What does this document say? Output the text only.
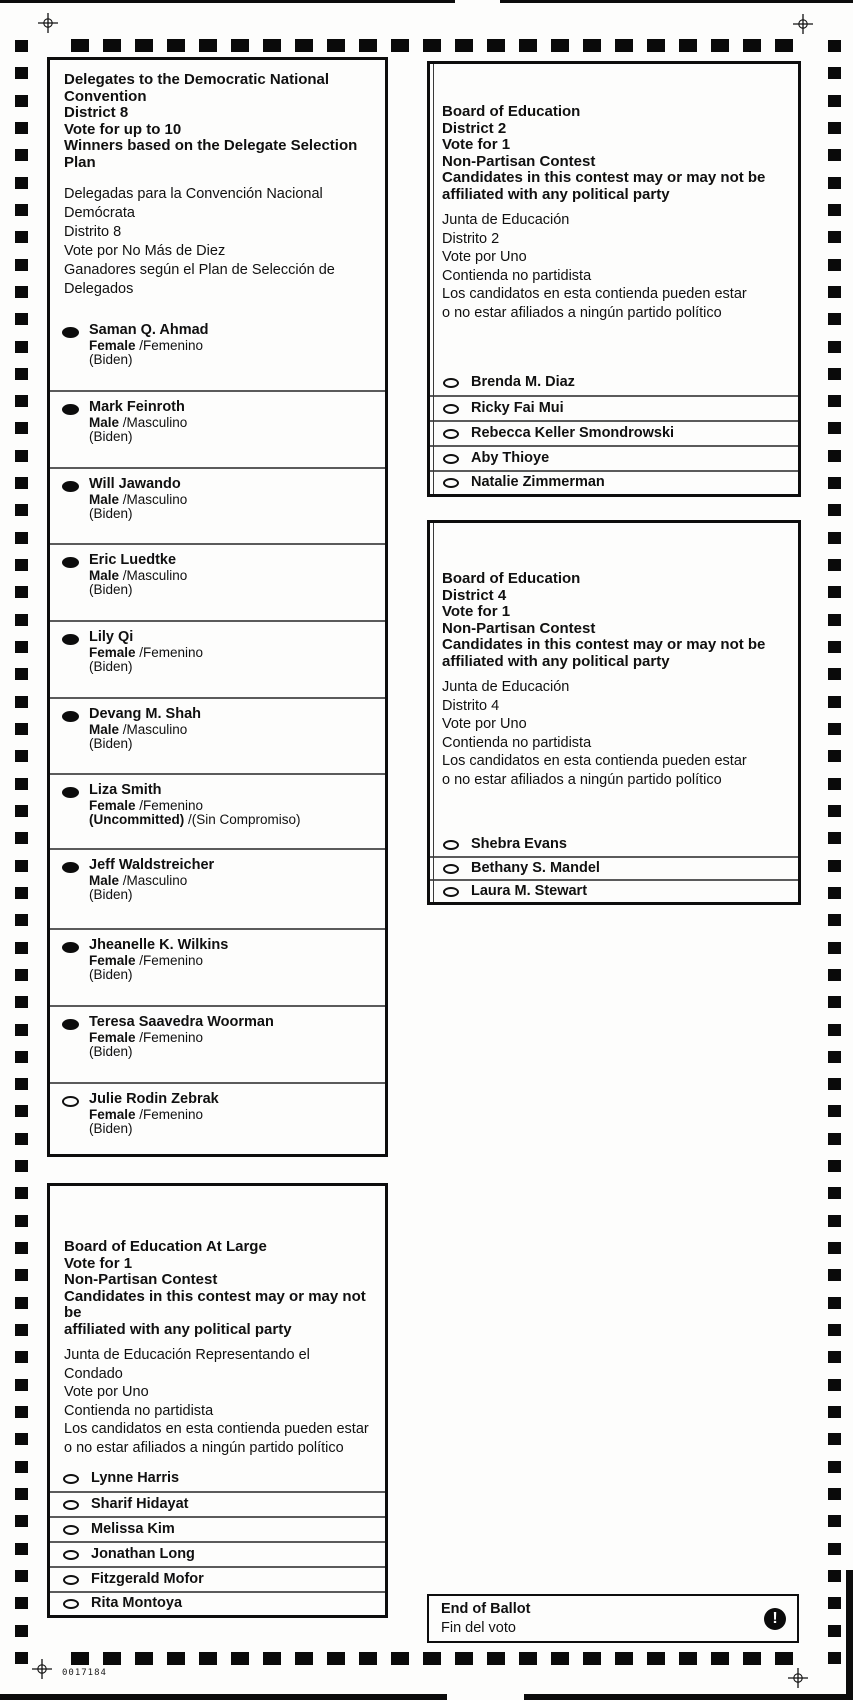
Delegates to the Democratic National
Convention
District 8
Vote for up to 10
Winners based on the Delegate Selection
Plan
Delegadas para la Convención Nacional
Demócrata
Distrito 8
Vote por No Más de Diez
Ganadores según el Plan de Selección de
Delegados
Saman Q. Ahmad
Female /Femenino
(Biden)
Mark Feinroth
Male /Masculino
(Biden)
Will Jawando
Male /Masculino
(Biden)
Eric Luedtke
Male /Masculino
(Biden)
Lily Qi
Female /Femenino
(Biden)
Devang M. Shah
Male /Masculino
(Biden)
Liza Smith
Female /Femenino
(Uncommitted) /(Sin Compromiso)
Jeff Waldstreicher
Male /Masculino
(Biden)
Jheanelle K. Wilkins
Female /Femenino
(Biden)
Teresa Saavedra Woorman
Female /Femenino
(Biden)
Julie Rodin Zebrak
Female /Femenino
(Biden)
Board of Education
District 2
Vote for 1
Non-Partisan Contest
Candidates in this contest may or may not be
affiliated with any political party
Junta de Educación
Distrito 2
Vote por Uno
Contienda no partidista
Los candidatos en esta contienda pueden estar
o no estar afiliados a ningún partido político
Brenda M. Diaz
Ricky Fai Mui
Rebecca Keller Smondrowski
Aby Thioye
Natalie Zimmerman
Board of Education
District 4
Vote for 1
Non-Partisan Contest
Candidates in this contest may or may not be
affiliated with any political party
Junta de Educación
Distrito 4
Vote por Uno
Contienda no partidista
Los candidatos en esta contienda pueden estar
o no estar afiliados a ningún partido político
Shebra Evans
Bethany S. Mandel
Laura M. Stewart
Board of Education At Large
Vote for 1
Non-Partisan Contest
Candidates in this contest may or may not be
affiliated with any political party
Junta de Educación Representando el Condado
Vote por Uno
Contienda no partidista
Los candidatos en esta contienda pueden estar
o no estar afiliados a ningún partido político
Lynne Harris
Sharif Hidayat
Melissa Kim
Jonathan Long
Fitzgerald Mofor
Rita Montoya	End of Ballot
Fin del voto
!
0017184
